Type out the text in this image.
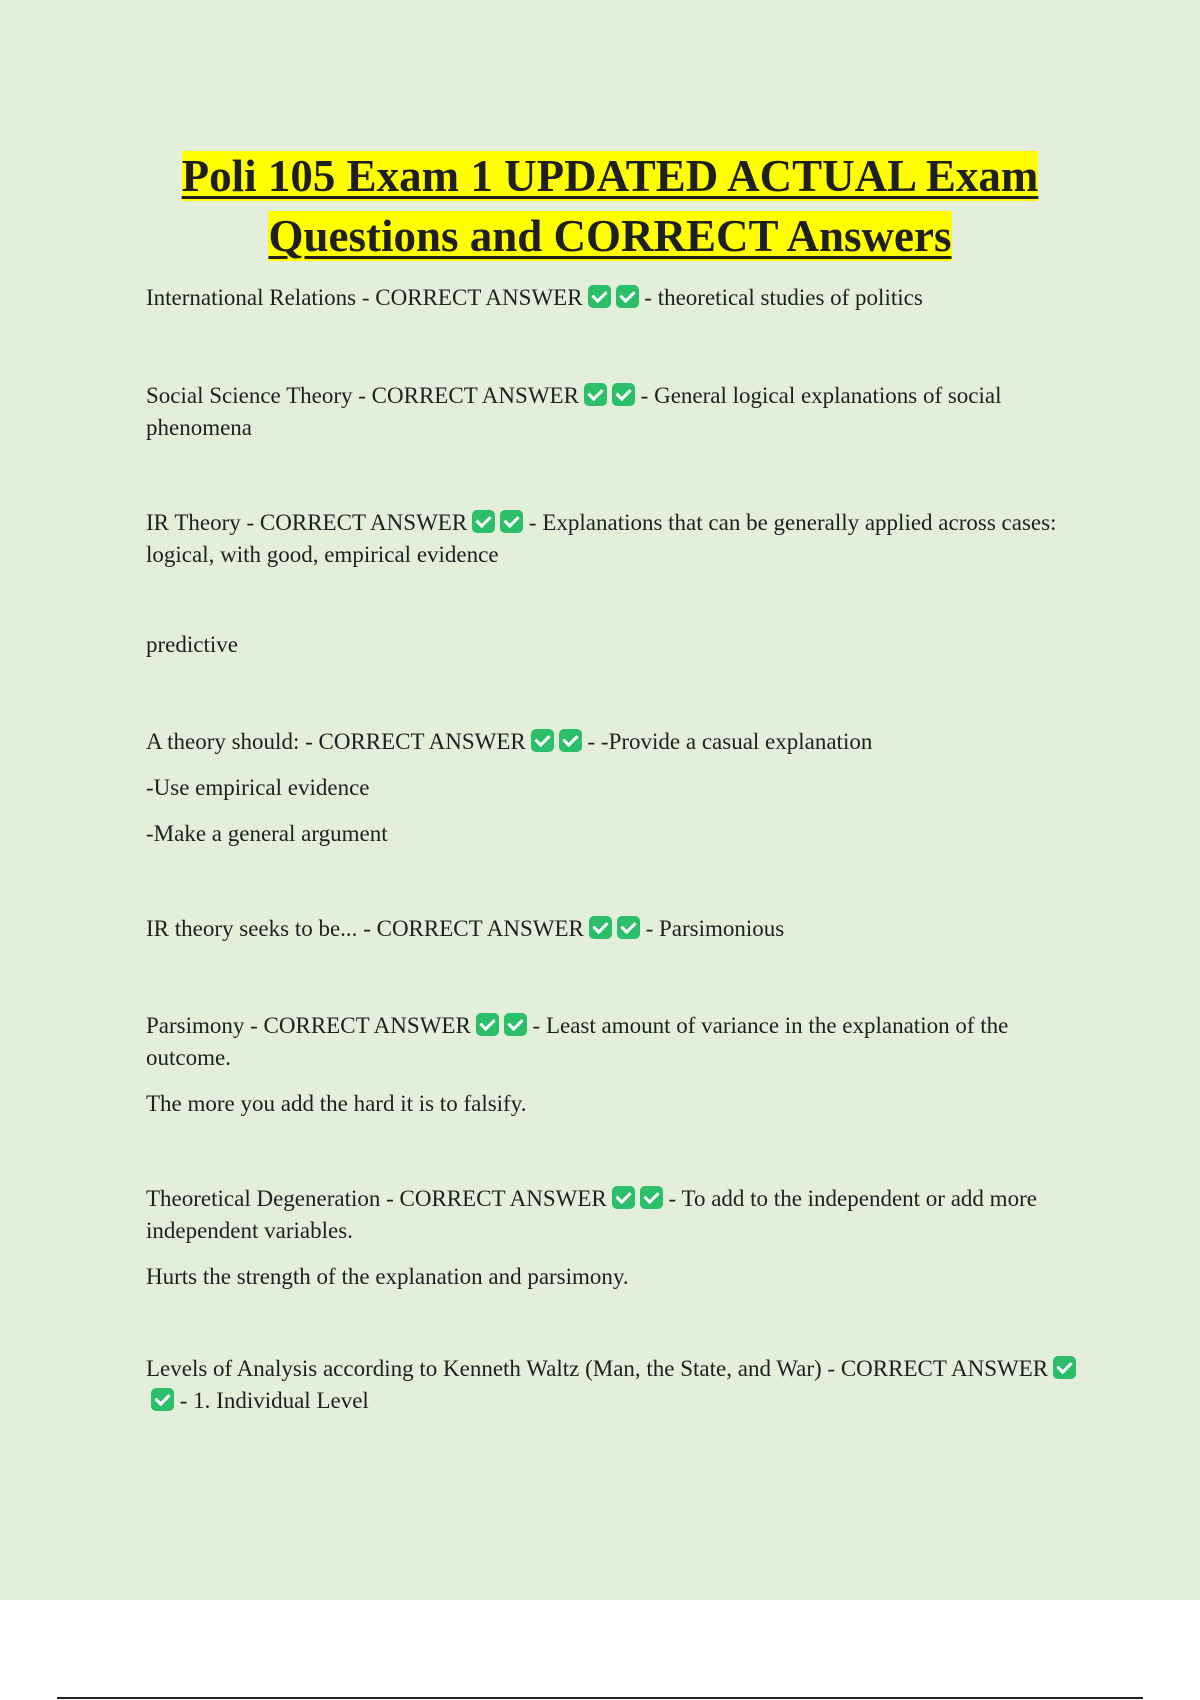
Poli 105 Exam 1 UPDATED ACTUAL Exam
Questions and CORRECT Answers

International Relations - CORRECT ANSWER	- theoretical studies of politics

Social Science Theory - CORRECT ANSWER	- General logical explanations of social phenomena

IR Theory - CORRECT ANSWER	- Explanations that can be generally applied across cases: logical, with good, empirical evidence

predictive

A theory should: - CORRECT ANSWER	- -Provide a casual explanation

-Use empirical evidence

-Make a general argument

IR theory seeks to be... - CORRECT ANSWER	- Parsimonious

Parsimony - CORRECT ANSWER	- Least amount of variance in the explanation of the outcome.

The more you add the hard it is to falsify.

Theoretical Degeneration - CORRECT ANSWER	- To add to the independent or add more independent variables.

Hurts the strength of the explanation and parsimony.

Levels of Analysis according to Kenneth Waltz (Man, the State, and War) - CORRECT ANSWER - 1. Individual Level
